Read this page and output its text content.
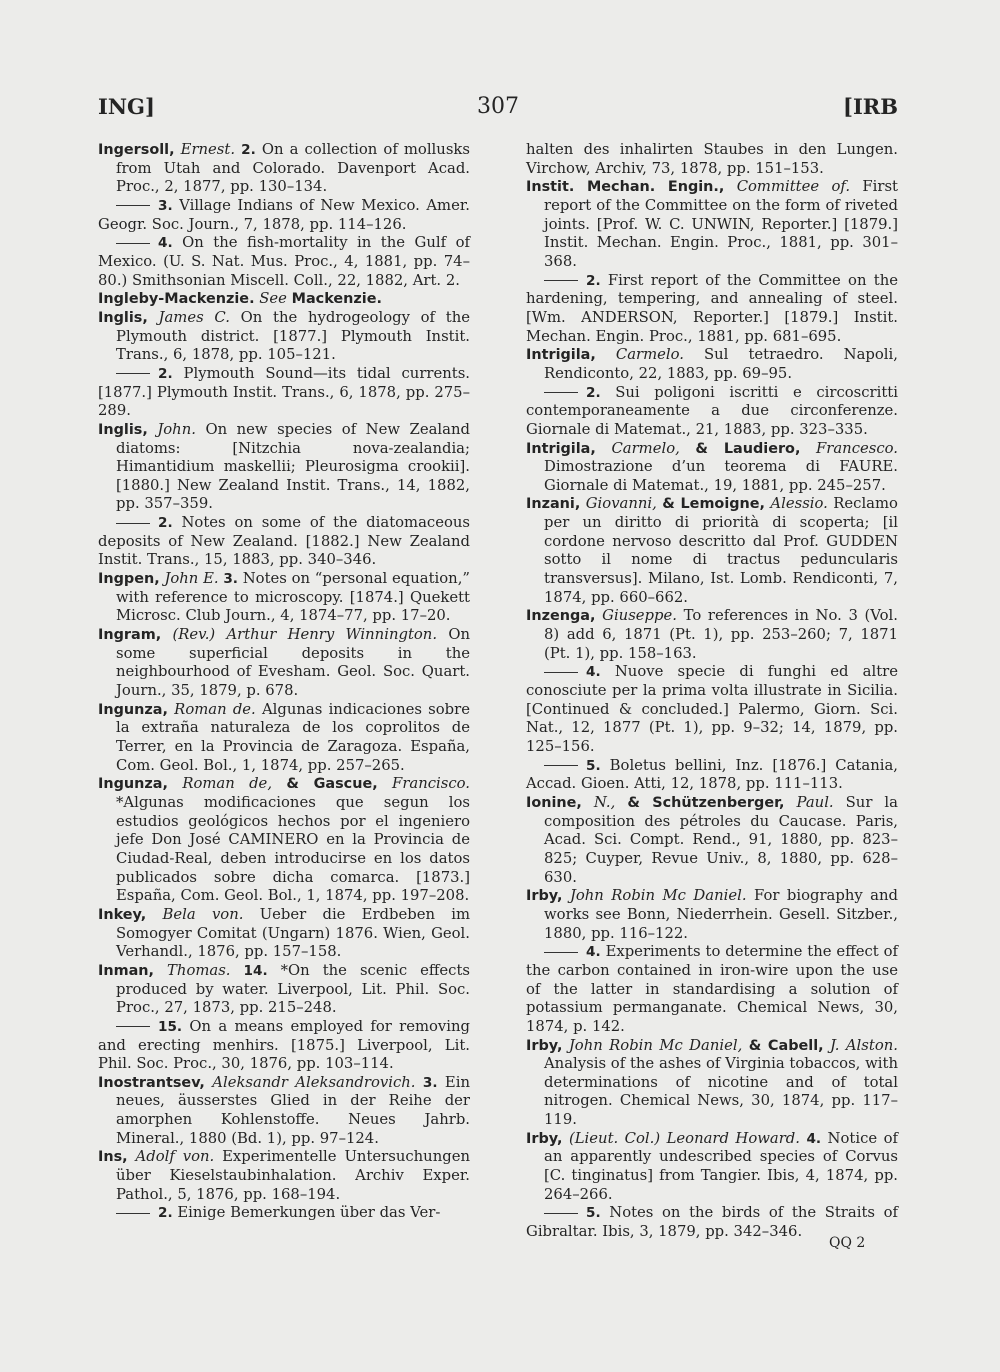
ING]	307	[IRB

Ingersoll, Ernest. 2. On a collection of mollusks from Utah and Colorado. Davenport Acad. Proc., 2, 1877, pp. 130–134.

3. Village Indians of New Mexico. Amer. Geogr. Soc. Journ., 7, 1878, pp. 114–126.

4. On the fish-mortality in the Gulf of Mexico. (U. S. Nat. Mus. Proc., 4, 1881, pp. 74–80.) Smithsonian Miscell. Coll., 22, 1882, Art. 2.

Ingleby-Mackenzie. See Mackenzie.

Inglis, James C. On the hydrogeology of the Plymouth district. [1877.] Plymouth Instit. Trans., 6, 1878, pp. 105–121.

2. Plymouth Sound—its tidal currents. [1877.] Plymouth Instit. Trans., 6, 1878, pp. 275–289.

Inglis, John. On new species of New Zealand diatoms: [Nitzchia nova-zealandia; Himantidium maskellii; Pleurosigma crookii]. [1880.] New Zealand Instit. Trans., 14, 1882, pp. 357–359.

2. Notes on some of the diatomaceous deposits of New Zealand. [1882.] New Zealand Instit. Trans., 15, 1883, pp. 340–346.

Ingpen, John E. 3. Notes on “personal equation,” with reference to microscopy. [1874.] Quekett Microsc. Club Journ., 4, 1874–77, pp. 17–20.

Ingram, (Rev.) Arthur Henry Winnington. On some superficial deposits in the neighbourhood of Evesham. Geol. Soc. Quart. Journ., 35, 1879, p. 678.

Ingunza, Roman de. Algunas indicaciones sobre la extraña naturaleza de los coprolitos de Terrer, en la Provincia de Zaragoza. España, Com. Geol. Bol., 1, 1874, pp. 257–265.

Ingunza, Roman de, & Gascue, Francisco. *Algunas modificaciones que segun los estudios geológicos hechos por el ingeniero jefe Don José CAMINERO en la Provincia de Ciudad-Real, deben introducirse en los datos publicados sobre dicha comarca. [1873.] España, Com. Geol. Bol., 1, 1874, pp. 197–208.

Inkey, Bela von. Ueber die Erdbeben im Somogyer Comitat (Ungarn) 1876. Wien, Geol. Verhandl., 1876, pp. 157–158.

Inman, Thomas. 14. *On the scenic effects produced by water. Liverpool, Lit. Phil. Soc. Proc., 27, 1873, pp. 215–248.

15. On a means employed for removing and erecting menhirs. [1875.] Liverpool, Lit. Phil. Soc. Proc., 30, 1876, pp. 103–114.

Inostrantsev, Aleksandr Aleksandrovich. 3. Ein neues, äusserstes Glied in der Reihe der amorphen Kohlenstoffe. Neues Jahrb. Mineral., 1880 (Bd. 1), pp. 97–124.

Ins, Adolf von. Experimentelle Untersuchungen über Kieselstaubinhalation. Archiv Exper. Pathol., 5, 1876, pp. 168–194.

2. Einige Bemerkungen über das Ver-

halten des inhalirten Staubes in den Lungen. Virchow, Archiv, 73, 1878, pp. 151–153.

Instit. Mechan. Engin., Committee of. First report of the Committee on the form of riveted joints. [Prof. W. C. UNWIN, Reporter.] [1879.] Instit. Mechan. Engin. Proc., 1881, pp. 301–368.

2. First report of the Committee on the hardening, tempering, and annealing of steel. [Wm. ANDERSON, Reporter.] [1879.] Instit. Mechan. Engin. Proc., 1881, pp. 681–695.

Intrigila, Carmelo. Sul tetraedro. Napoli, Rendiconto, 22, 1883, pp. 69–95.

2. Sui poligoni iscritti e circoscritti contemporaneamente a due circonferenze. Giornale di Matemat., 21, 1883, pp. 323–335.

Intrigila, Carmelo, & Laudiero, Francesco. Dimostrazione d’un teorema di FAURE. Giornale di Matemat., 19, 1881, pp. 245–257.

Inzani, Giovanni, & Lemoigne, Alessio. Reclamo per un diritto di priorità di scoperta; [il cordone nervoso descritto dal Prof. GUDDEN sotto il nome di tractus peduncularis transversus]. Milano, Ist. Lomb. Rendiconti, 7, 1874, pp. 660–662.

Inzenga, Giuseppe. To references in No. 3 (Vol. 8) add 6, 1871 (Pt. 1), pp. 253–260; 7, 1871 (Pt. 1), pp. 158–163.

4. Nuove specie di funghi ed altre conosciute per la prima volta illustrate in Sicilia. [Continued & concluded.] Palermo, Giorn. Sci. Nat., 12, 1877 (Pt. 1), pp. 9–32; 14, 1879, pp. 125–156.

5. Boletus bellini, Inz. [1876.] Catania, Accad. Gioen. Atti, 12, 1878, pp. 111–113.

Ionine, N., & Schützenberger, Paul. Sur la composition des pétroles du Caucase. Paris, Acad. Sci. Compt. Rend., 91, 1880, pp. 823–825; Cuyper, Revue Univ., 8, 1880, pp. 628–630.

Irby, John Robin Mc Daniel. For biography and works see Bonn, Niederrhein. Gesell. Sitzber., 1880, pp. 116–122.

4. Experiments to determine the effect of the carbon contained in iron-wire upon the use of the latter in standardising a solution of potassium permanganate. Chemical News, 30, 1874, p. 142.

Irby, John Robin Mc Daniel, & Cabell, J. Alston. Analysis of the ashes of Virginia tobaccos, with determinations of nicotine and of total nitrogen. Chemical News, 30, 1874, pp. 117–119.

Irby, (Lieut. Col.) Leonard Howard. 4. Notice of an apparently undescribed species of Corvus [C. tinginatus] from Tangier. Ibis, 4, 1874, pp. 264–266.

5. Notes on the birds of the Straits of Gibraltar. Ibis, 3, 1879, pp. 342–346.

QQ 2
